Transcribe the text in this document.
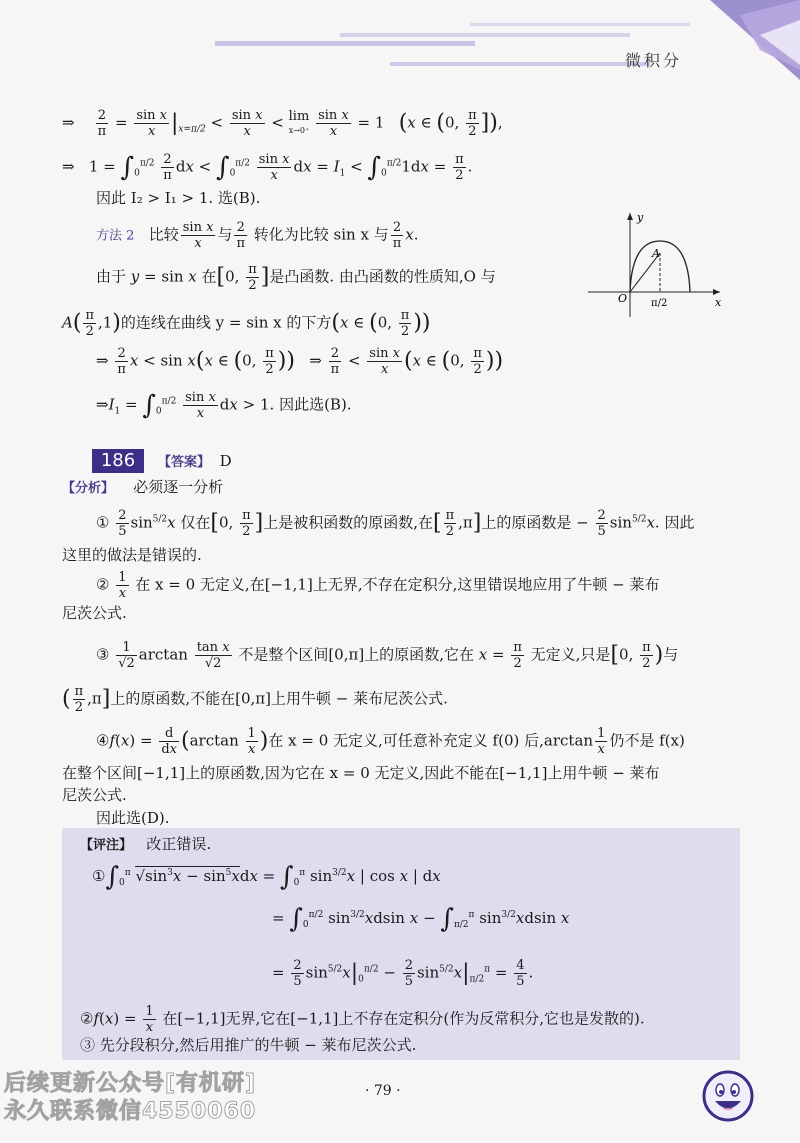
微积分
⇒ $\frac{2}{\pi} = \frac{\text{sin x}}{x} |_{x=\pi/2} < \frac{\text{sin x}}{x} < \lim$
x→0⁺
$\frac{\text{sin x}}{x} = 1$   (x ∈ (0, $\frac{\pi}{2}$ ]),
⇒   $1 = \int_0^{\pi/2} \frac{2}{\pi}$ dx < $\int_0^{\pi/2} \frac{\text{sin x}}{x}$ dx = $I_1 < \int_0^{\pi/2}1dx = \frac{\pi}{2}$ .
因此 I₂ > I₁ > 1. 选(B).
方法 2 比较 $\frac{\text{sin x}}{x}$ 与 $\frac{2}{\pi}$ 转化为比较 sin x 与 $\frac{2}{\pi} x$.
由于 y = sin x 在[0, $\frac{\pi}{2}$ ]是凸函数. 由凸函数的性质知,O 与
$A( \frac{\pi}{2} ,1)$的连线在曲线 y = sin x 的下方(x ∈ (0, $\frac{\pi}{2}$ ))
⇒ $\frac{2}{\pi}$ x < sin x(x ∈ (0, $\frac{\pi}{2}$ ))   ⇒ $\frac{2}{\pi} < \frac{\text{sin x}}{x} (x$ ∈ (0, $\frac{\pi}{2}$ ))
$\Rightarrow I_1 = \int_0^{\pi/2} \frac{\text{sin x}}{x}$ dx > 1. 因此选(B).
y
x
O
A
π/2
186	【答案】 D
【分析】 必须逐一分析
① $\frac{2}{5} \sin^{5/2}x$ 仅在[0, $\frac{\pi}{2}$ ]上是被积函数的原函数,在[ $\frac{\pi}{2} ,\pi$]上的原函数是 − $\frac{2}{5} \sin^{5/2}x$. 因此
这里的做法是错误的.
② $\frac{1}{x}$ 在 x = 0 无定义,在[−1,1]上无界,不存在定积分,这里错误地应用了牛顿 − 莱布
尼茨公式.
③ $\frac{1}{√2}$ $\arctan \frac{\text{tan x}}{√2}$ 不是整个区间[0,π]上的原函数,它在 $x = \frac{\pi}{2}$ 无定义,只是[0, $\frac{\pi}{2}$ )与
( $\frac{\pi}{2} ,\pi$]上的原函数,不能在[0,π]上用牛顿 − 莱布尼茨公式.
④f(x) = $\frac{d}{dx} (\arctan \frac{1}{x}$ )在 x = 0 无定义,可任意补充定义 f(0) 后$,\arctan \frac{1}{x}$ 仍不是 f(x)
在整个区间[−1,1]上的原函数,因为它在 x = 0 无定义,因此不能在[−1,1]上用牛顿 − 莱布
尼茨公式.
因此选(D).
【评注】 改正错误.
$①\int_0^\pi$ $√\sin^3x - \sin^5xdx = \int_0^\pi$ $\sin^{3/2}x$ | cos x | dx
= $\int_0^{\pi/2}$ $\sin^{3/2}xdsin$ $x - \int_{\pi/2}^\pi$ $\sin^{3/2}xdsin$ x
= $\frac{2}{5} \sin^{5/2}x|_0^{\pi/2} - \frac{2}{5} \sin^{5/2}x|_{\pi/2}^\pi = \frac{4}{5}$ .
②f(x) = $\frac{1}{x}$ 在[−1,1]无界,它在[−1,1]上不存在定积分(作为反常积分,它也是发散的).
③ 先分段积分,然后用推广的牛顿 − 莱布尼茨公式.
· 79 ·
后续更新公众号[有机研]
永久联系微信4550060
